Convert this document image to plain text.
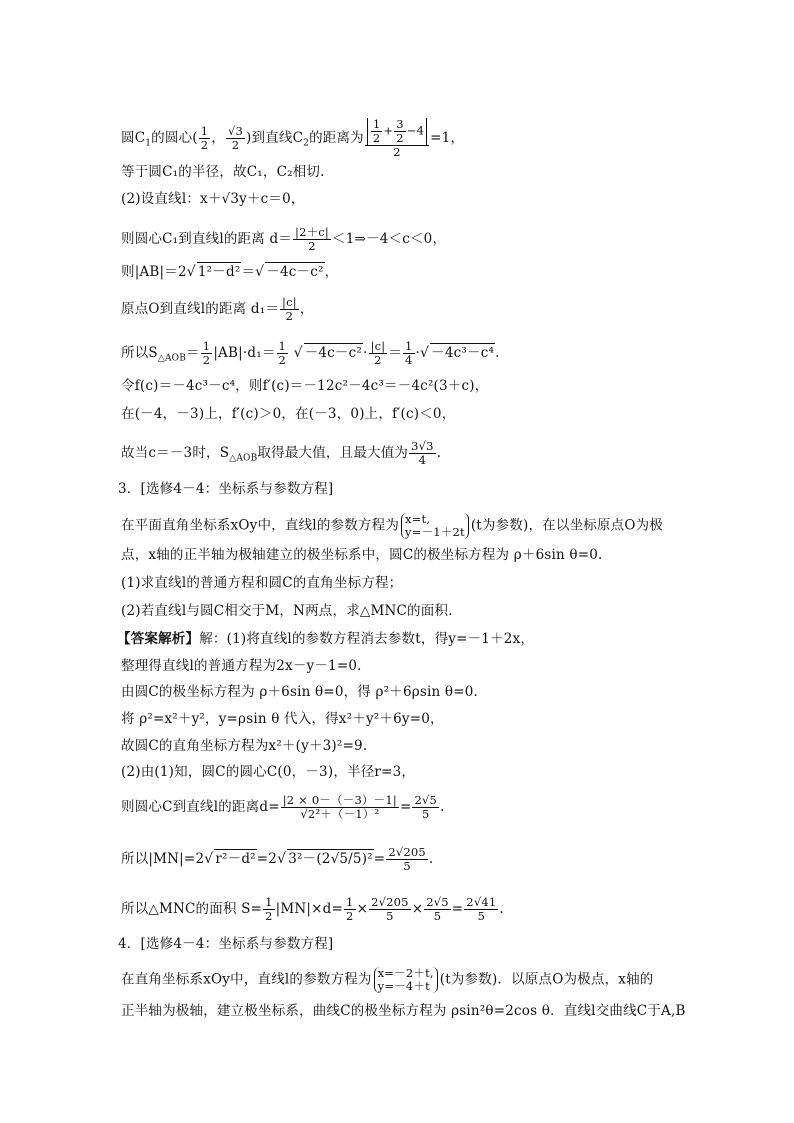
圆$C_1$的圆心( $\frac{1}{2}$ ， $\frac{√3}{2}$ )到直线$C_2$的距离为 $\frac{\frac{1}{2} + \frac{3}{2} -4}{2} =1$，
等于圆C₁的半径，故C₁，C₂相切.
(2)设直线l：x＋√3y＋c＝0，
则圆心C₁到直线l的距离 $d= \frac{|2+c|}{2}$ ＜1⇒－4＜c＜0，
则|AB|＝2√ 1²－d²＝√ －4c－c²，
原点O到直线l的距离 $d_1= \frac{|c|}{2}$ ，
所以$S_{\triangle AOB}= \frac{1}{2} |AB|\cdot d_1= \frac{1}{2}$ √ $-4c-c^2\cdot \frac{|c|}{2} = \frac{1}{4}$ ·√ －4c³－c⁴.
令f(c)＝－4c³－c⁴，则f′(c)＝－12c²－4c³＝－4c²(3＋c)，
在(－4，－3)上，f′(c)＞0，在(－3，0)上，f′(c)＜0，
故当c＝－3时，$S_{\triangle AOB}$取得最大值，且最大值为 $\frac{3√3}{4}$ .
3．[选修4－4：坐标系与参数方程]
在平面直角坐标系xOy中，直线l的参数方程为 x=t,
y=－1＋2t (t为参数)，在以坐标原点O为极
点，x轴的正半轴为极轴建立的极坐标系中，圆C的极坐标方程为 ρ＋6sin θ=0.
(1)求直线l的普通方程和圆C的直角坐标方程；
(2)若直线l与圆C相交于M，N两点，求△MNC的面积.
【答案解析】解：(1)将直线l的参数方程消去参数t，得y=－1＋2x，
整理得直线l的普通方程为2x－y－1=0.
由圆C的极坐标方程为 ρ＋6sin θ=0，得 ρ²＋6ρsin θ=0.
将 ρ²=x²＋y²，y=ρsin θ 代入，得x²＋y²＋6y=0，
故圆C的直角坐标方程为x²＋(y＋3)²=9.
(2)由(1)知，圆C的圆心C(0，－3)，半径r=3，
则圆心C到直线l的距离$d= \frac{|2 \times 0-(-3)-1|}{\text{√2²＋（－1）²}} = \frac{2√5}{5}$ .
所以|MN|=2√ r²－d²=2√ $3^2-(2√5/5)^2= \frac{2√205}{5}$ .
所以△MNC的面积 $S= \frac{1}{2} |MN|\times d= \frac{1}{2} \times \frac{2√205}{5} \times \frac{2√5}{5} = \frac{2√41}{5}$ .
4．[选修4－4：坐标系与参数方程]
在直角坐标系xOy中，直线l的参数方程为 x=－2＋t,
y=－4＋t (t为参数)．以原点O为极点，x轴的
正半轴为极轴，建立极坐标系，曲线C的极坐标方程为 ρsin²θ=2cos θ．直线l交曲线C于A,B
